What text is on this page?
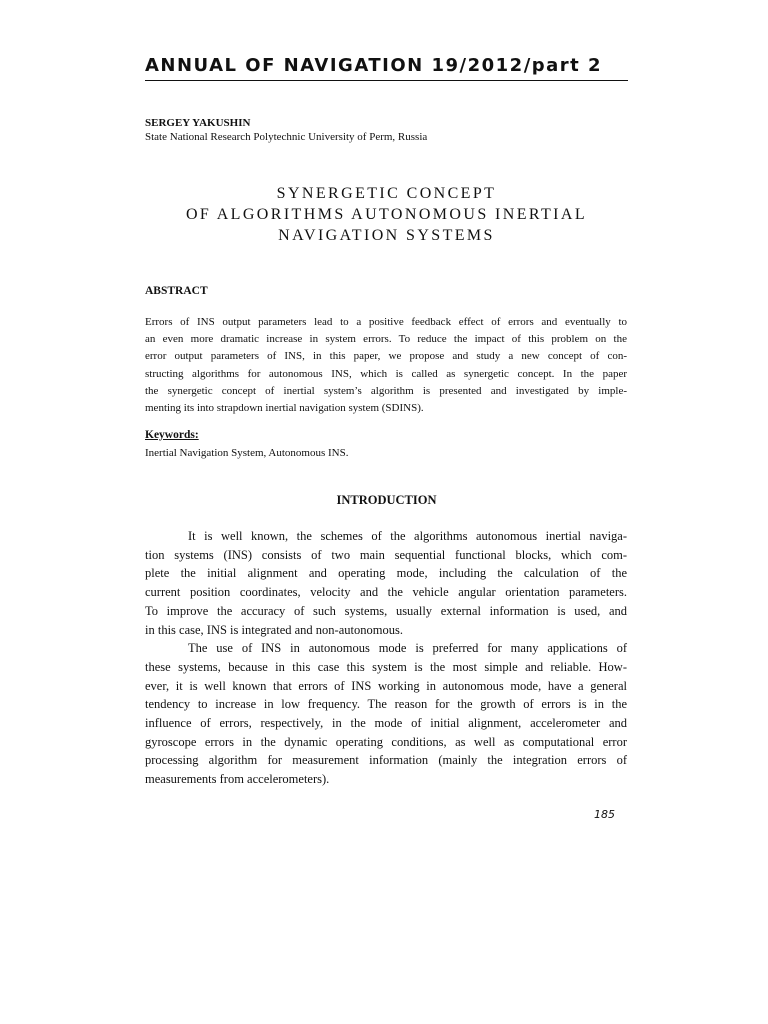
ANNUAL OF NAVIGATION 19/2012/part 2
SERGEY YAKUSHIN
State National Research Polytechnic University of Perm, Russia
SYNERGETIC CONCEPT
OF ALGORITHMS AUTONOMOUS INERTIAL
NAVIGATION SYSTEMS
ABSTRACT
Errors of INS output parameters lead to a positive feedback effect of errors and eventually to
an even more dramatic increase in system errors. To reduce the impact of this problem on the
error output parameters of INS, in this paper, we propose and study a new concept of con-
structing algorithms for autonomous INS, which is called as synergetic concept. In the paper
the synergetic concept of inertial system’s algorithm is presented and investigated by imple-
menting its into strapdown inertial navigation system (SDINS).
Keywords:
Inertial Navigation System, Autonomous INS.
INTRODUCTION
It is well known, the schemes of the algorithms autonomous inertial naviga-
tion systems (INS) consists of two main sequential functional blocks, which com-
plete the initial alignment and operating mode, including the calculation of the
current position coordinates, velocity and the vehicle angular orientation parameters.
To improve the accuracy of such systems, usually external information is used, and
in this case, INS is integrated and non-autonomous.
The use of INS in autonomous mode is preferred for many applications of
these systems, because in this case this system is the most simple and reliable. How-
ever, it is well known that errors of INS working in autonomous mode, have a general
tendency to increase in low frequency. The reason for the growth of errors is in the
influence of errors, respectively, in the mode of initial alignment, accelerometer and
gyroscope errors in the dynamic operating conditions, as well as computational error
processing algorithm for measurement information (mainly the integration errors of
measurements from accelerometers).
185
